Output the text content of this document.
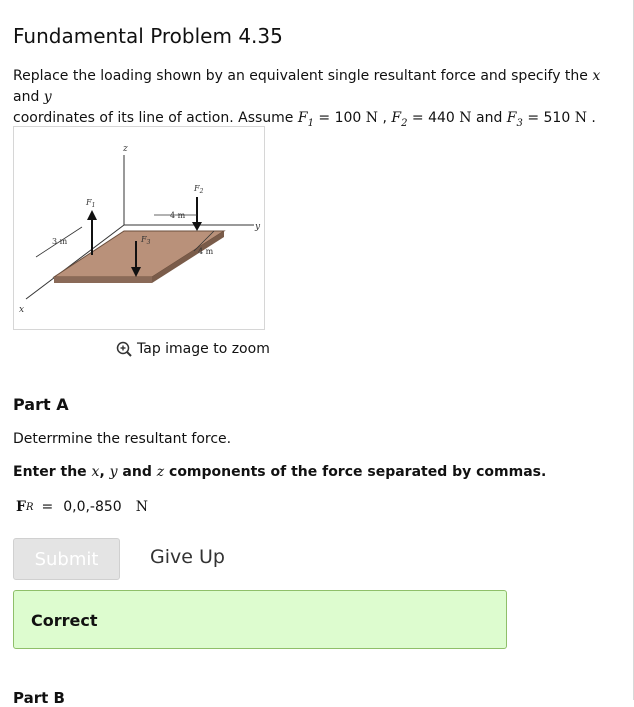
Fundamental Problem 4.35
Replace the loading shown by an equivalent single resultant force and specify the x and y
coordinates of its line of action. Assume $F_1 = 100$ N , $F_2 = 440$ N and $F_3 = 510$ N .
z
x
y
$F_1$
$F_2$
$F_3$
4 m
4 m
3 m
Tap image to zoom
Part A
Deterrmine the resultant force.
Enter the x, y and z components of the force separated by commas.
F R = 0,0,-850 N
Submit	Give Up
Correct
Part B
